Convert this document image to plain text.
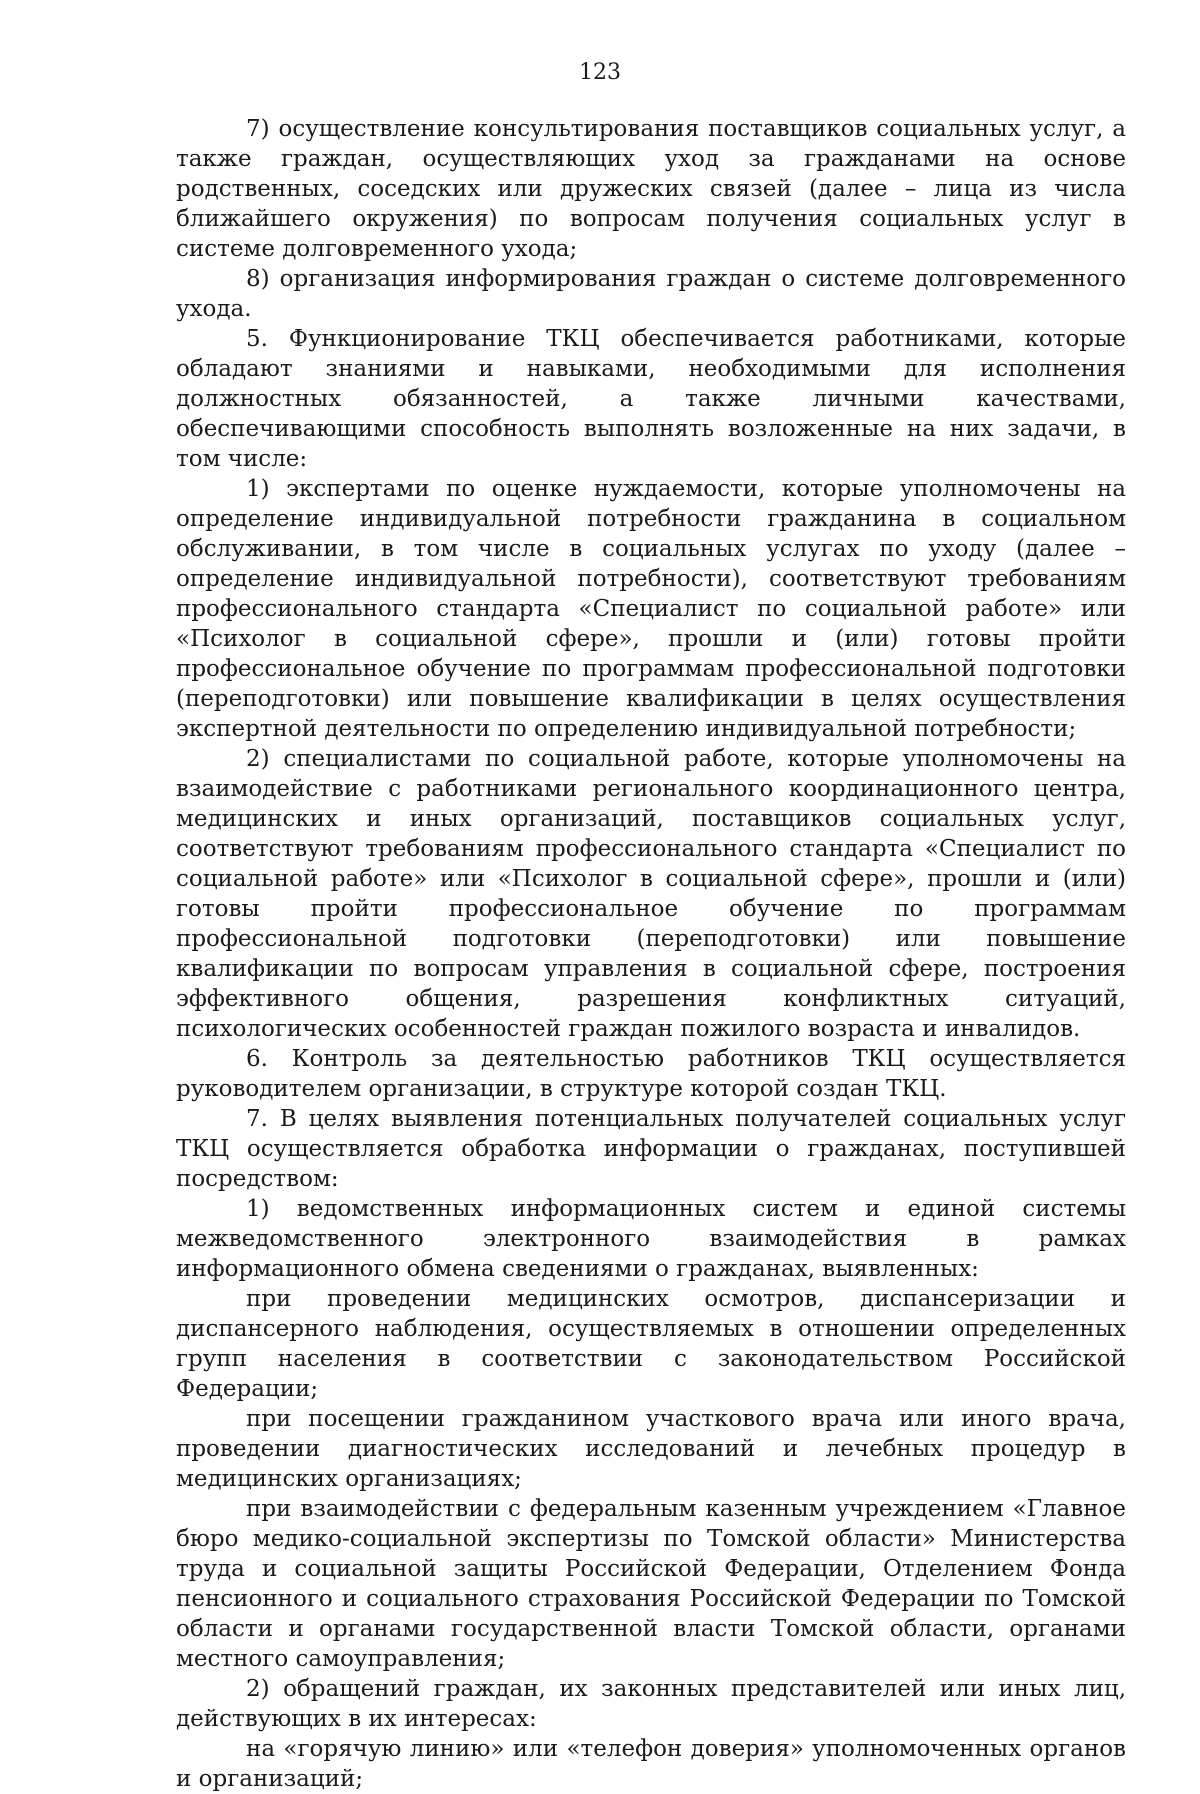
123

7) осуществление консультирования поставщиков социальных услуг, а также граждан, осуществляющих уход за гражданами на основе родственных, соседских или дружеских связей (далее – лица из числа ближайшего окружения) по вопросам получения социальных услуг в системе долговременного ухода;

8) организация информирования граждан о системе долговременного ухода.

5. Функционирование ТКЦ обеспечивается работниками, которые обладают знаниями и навыками, необходимыми для исполнения должностных обязанностей, а также личными качествами, обеспечивающими способность выполнять возложенные на них задачи, в том числе:

1) экспертами по оценке нуждаемости, которые уполномочены на определение индивидуальной потребности гражданина в социальном обслуживании, в том числе в социальных услугах по уходу (далее – определение индивидуальной потребности), соответствуют требованиям профессионального стандарта «Специалист по социальной работе» или «Психолог в социальной сфере», прошли и (или) готовы пройти профессиональное обучение по программам профессиональной подготовки (переподготовки) или повышение квалификации в целях осуществления экспертной деятельности по определению индивидуальной потребности;

2) специалистами по социальной работе, которые уполномочены на взаимодействие с работниками регионального координационного центра, медицинских и иных организаций, поставщиков социальных услуг, соответствуют требованиям профессионального стандарта «Специалист по социальной работе» или «Психолог в социальной сфере», прошли и (или) готовы пройти профессиональное обучение по программам профессиональной подготовки (переподготовки) или повышение квалификации по вопросам управления в социальной сфере, построения эффективного общения, разрешения конфликтных ситуаций, психологических особенностей граждан пожилого возраста и инвалидов.

6. Контроль за деятельностью работников ТКЦ осуществляется руководителем организации, в структуре которой создан ТКЦ.

7. В целях выявления потенциальных получателей социальных услуг ТКЦ осуществляется обработка информации о гражданах, поступившей посредством:

1) ведомственных информационных систем и единой системы межведомственного электронного взаимодействия в рамках информационного обмена сведениями о гражданах, выявленных:

при проведении медицинских осмотров, диспансеризации и диспансерного наблюдения, осуществляемых в отношении определенных групп населения в соответствии с законодательством Российской Федерации;

при посещении гражданином участкового врача или иного врача, проведении диагностических исследований и лечебных процедур в медицинских организациях;

при взаимодействии с федеральным казенным учреждением «Главное бюро медико-социальной экспертизы по Томской области» Министерства труда и социальной защиты Российской Федерации, Отделением Фонда пенсионного и социального страхования Российской Федерации по Томской области и органами государственной власти Томской области, органами местного самоуправления;

2) обращений граждан, их законных представителей или иных лиц, действующих в их интересах:

на «горячую линию» или «телефон доверия» уполномоченных органов и организаций;
